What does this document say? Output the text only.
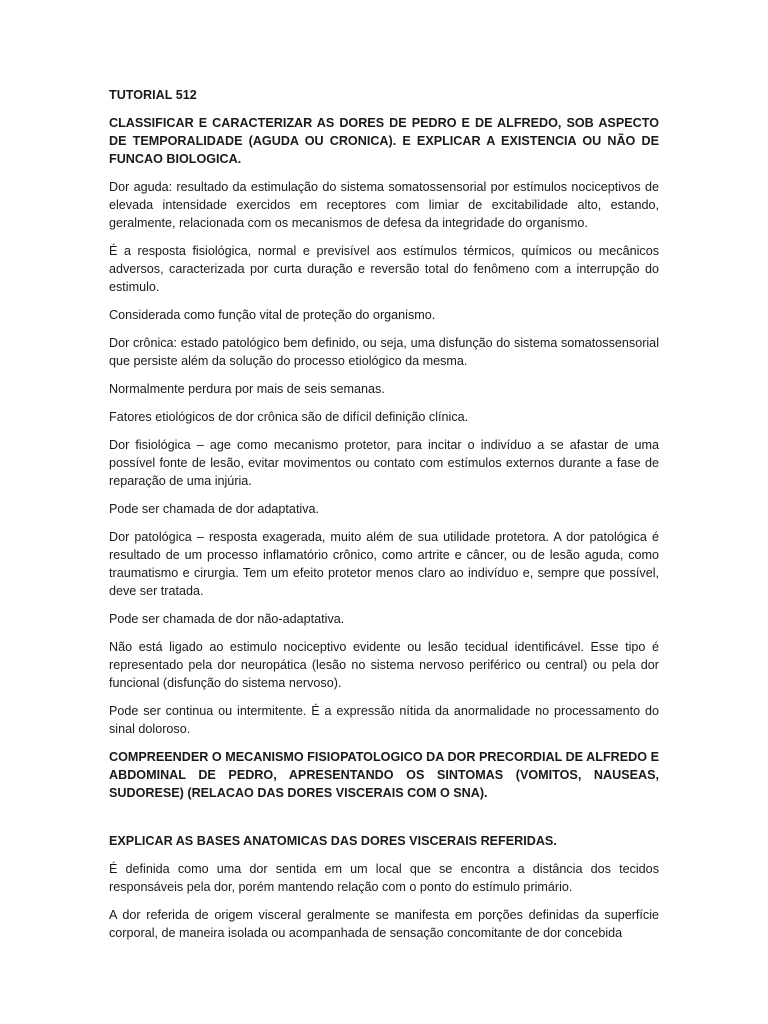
TUTORIAL 512
CLASSIFICAR E CARACTERIZAR AS DORES DE PEDRO E DE ALFREDO, SOB ASPECTO DE TEMPORALIDADE (AGUDA OU CRONICA). E EXPLICAR A EXISTENCIA OU NÃO DE FUNCAO BIOLOGICA.

Dor aguda: resultado da estimulação do sistema somatossensorial por estímulos nociceptivos de elevada intensidade exercidos em receptores com limiar de excitabilidade alto, estando, geralmente, relacionada com os mecanismos de defesa da integridade do organismo.

É a resposta fisiológica, normal e previsível aos estímulos térmicos, químicos ou mecânicos adversos, caracterizada por curta duração e reversão total do fenômeno com a interrupção do estimulo.

Considerada como função vital de proteção do organismo.

Dor crônica: estado patológico bem definido, ou seja, uma disfunção do sistema somatossensorial que persiste além da solução do processo etiológico da mesma.

Normalmente perdura por mais de seis semanas.

Fatores etiológicos de dor crônica são de difícil definição clínica.

Dor fisiológica – age como mecanismo protetor, para incitar o indivíduo a se afastar de uma possível fonte de lesão, evitar movimentos ou contato com estímulos externos durante a fase de reparação de uma injúria.

Pode ser chamada de dor adaptativa.

Dor patológica – resposta exagerada, muito além de sua utilidade protetora. A dor patológica é resultado de um processo inflamatório crônico, como artrite e câncer, ou de lesão aguda, como traumatismo e cirurgia. Tem um efeito protetor menos claro ao indivíduo e, sempre que possível, deve ser tratada.

Pode ser chamada de dor não-adaptativa.

Não está ligado ao estimulo nociceptivo evidente ou lesão tecidual identificável. Esse tipo é representado pela dor neuropática (lesão no sistema nervoso periférico ou central) ou pela dor funcional (disfunção do sistema nervoso).

Pode ser continua ou intermitente. É a expressão nítida da anormalidade no processamento do sinal doloroso.

COMPREENDER O MECANISMO FISIOPATOLOGICO DA DOR PRECORDIAL DE ALFREDO E ABDOMINAL DE PEDRO, APRESENTANDO OS SINTOMAS (VOMITOS, NAUSEAS, SUDORESE) (RELACAO DAS DORES VISCERAIS COM O SNA).
EXPLICAR AS BASES ANATOMICAS DAS DORES VISCERAIS REFERIDAS.

É definida como uma dor sentida em um local que se encontra a distância dos tecidos responsáveis pela dor, porém mantendo relação com o ponto do estímulo primário.

A dor referida de origem visceral geralmente se manifesta em porções definidas da superfície corporal, de maneira isolada ou acompanhada de sensação concomitante de dor concebida
